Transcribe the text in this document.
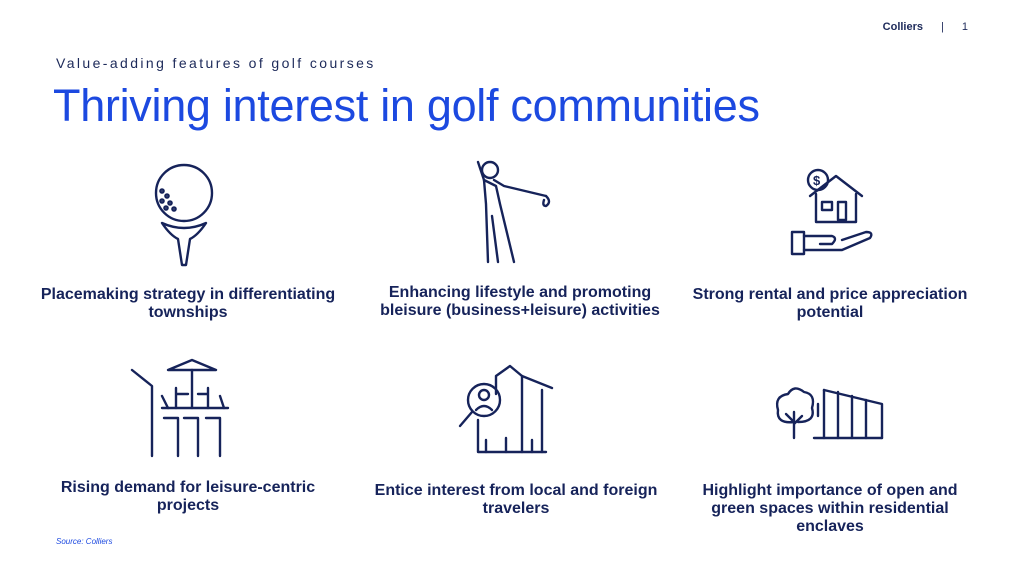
Colliers | 1
Value-adding features of golf courses
Thriving interest in golf communities
$
Placemaking strategy in differentiating townships
Enhancing lifestyle and promoting bleisure (business+leisure) activities
Strong rental and price appreciation potential
Rising demand for leisure-centric projects
Entice interest from local and foreign travelers
Highlight importance of open and green spaces within residential enclaves
Source: Colliers
